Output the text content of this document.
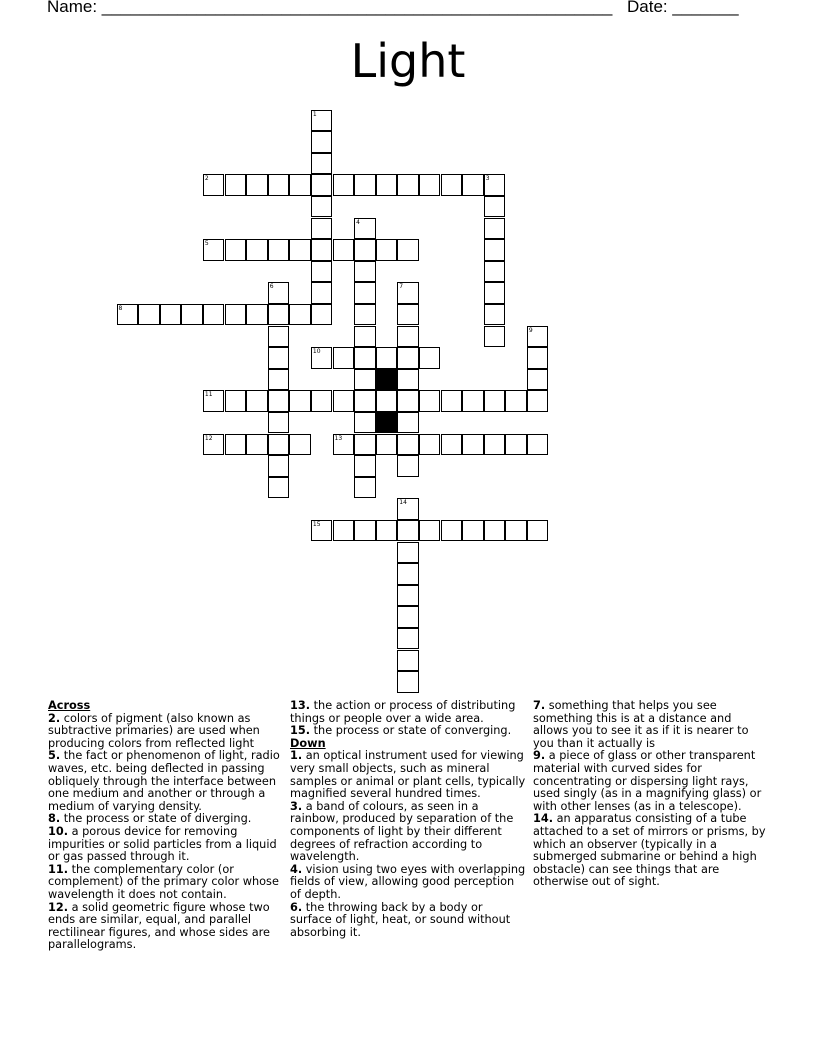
Name: ______________________________________________________ Date: _______
Light
1
2	3
4
5
6	7
8
9
10
11
12	13
14
15
Across
2. colors of pigment (also known as subtractive primaries) are used when producing colors from reflected light
5. the fact or phenomenon of light, radio waves, etc. being deflected in passing obliquely through the interface between one medium and another or through a medium of varying density.
8. the process or state of diverging.
10. a porous device for removing impurities or solid particles from a liquid or gas passed through it.
11. the complementary color (or complement) of the primary color whose wavelength it does not contain.
12. a solid geometric figure whose two ends are similar, equal, and parallel rectilinear figures, and whose sides are parallelograms.
13. the action or process of distributing things or people over a wide area.
15. the process or state of converging.
Down
1. an optical instrument used for viewing very small objects, such as mineral samples or animal or plant cells, typically magnified several hundred times.
3. a band of colours, as seen in a rainbow, produced by separation of the components of light by their different degrees of refraction according to wavelength.
4. vision using two eyes with overlapping fields of view, allowing good perception of depth.
6. the throwing back by a body or surface of light, heat, or sound without absorbing it.
7. something that helps you see something this is at a distance and allows you to see it as if it is nearer to you than it actually is
9. a piece of glass or other transparent material with curved sides for concentrating or dispersing light rays, used singly (as in a magnifying glass) or with other lenses (as in a telescope).
14. an apparatus consisting of a tube attached to a set of mirrors or prisms, by which an observer (typically in a submerged submarine or behind a high obstacle) can see things that are otherwise out of sight.
